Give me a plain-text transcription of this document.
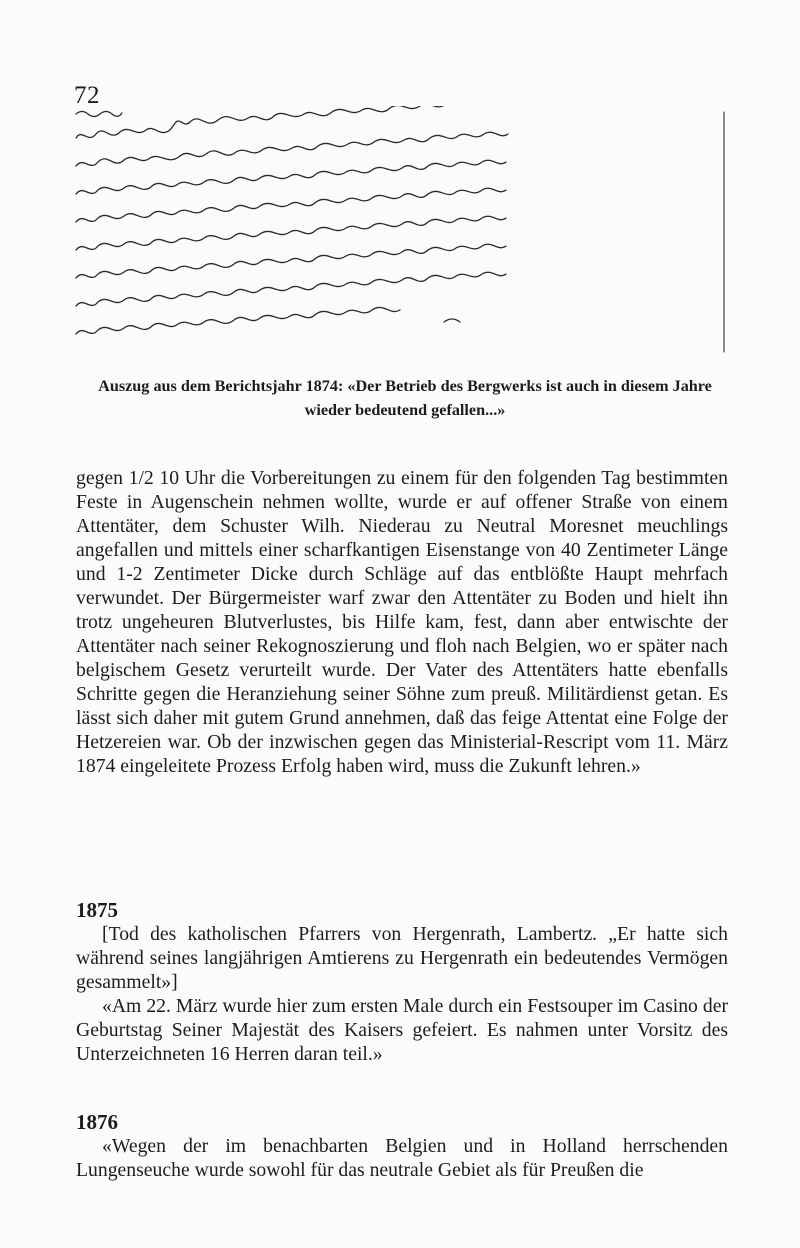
72
Auszug aus dem Berichtsjahr 1874: «Der Betrieb des Bergwerks ist auch in diesem Jahre wieder bedeutend gefallen...»

gegen 1/2 10 Uhr die Vorbereitungen zu einem für den folgenden Tag bestimmten Feste in Augenschein nehmen wollte, wurde er auf offener Straße von einem Attentäter, dem Schuster Wilh. Niederau zu Neutral Moresnet meuchlings angefallen und mittels einer scharfkantigen Eisenstange von 40 Zentimeter Länge und 1-2 Zentimeter Dicke durch Schläge auf das entblößte Haupt mehrfach verwundet. Der Bürgermeister warf zwar den Attentäter zu Boden und hielt ihn trotz ungeheuren Blutverlustes, bis Hilfe kam, fest, dann aber entwischte der Attentäter nach seiner Rekognoszierung und floh nach Belgien, wo er später nach belgischem Gesetz verurteilt wurde. Der Vater des Attentäters hatte ebenfalls Schritte gegen die Heranziehung seiner Söhne zum preuß. Militärdienst getan. Es lässt sich daher mit gutem Grund annehmen, daß das feige Attentat eine Folge der Hetzereien war. Ob der inzwischen gegen das Ministerial-Rescript vom 11. März 1874 eingeleitete Prozess Erfolg haben wird, muss die Zukunft lehren.»

1875

[Tod des katholischen Pfarrers von Hergenrath, Lambertz. „Er hatte sich während seines langjährigen Amtierens zu Hergenrath ein bedeutendes Vermögen gesammelt»]

«Am 22. März wurde hier zum ersten Male durch ein Festsouper im Casino der Geburtstag Seiner Majestät des Kaisers gefeiert. Es nahmen unter Vorsitz des Unterzeichneten 16 Herren daran teil.»

1876

«Wegen der im benachbarten Belgien und in Holland herrschenden Lungenseuche wurde sowohl für das neutrale Gebiet als für Preußen die
